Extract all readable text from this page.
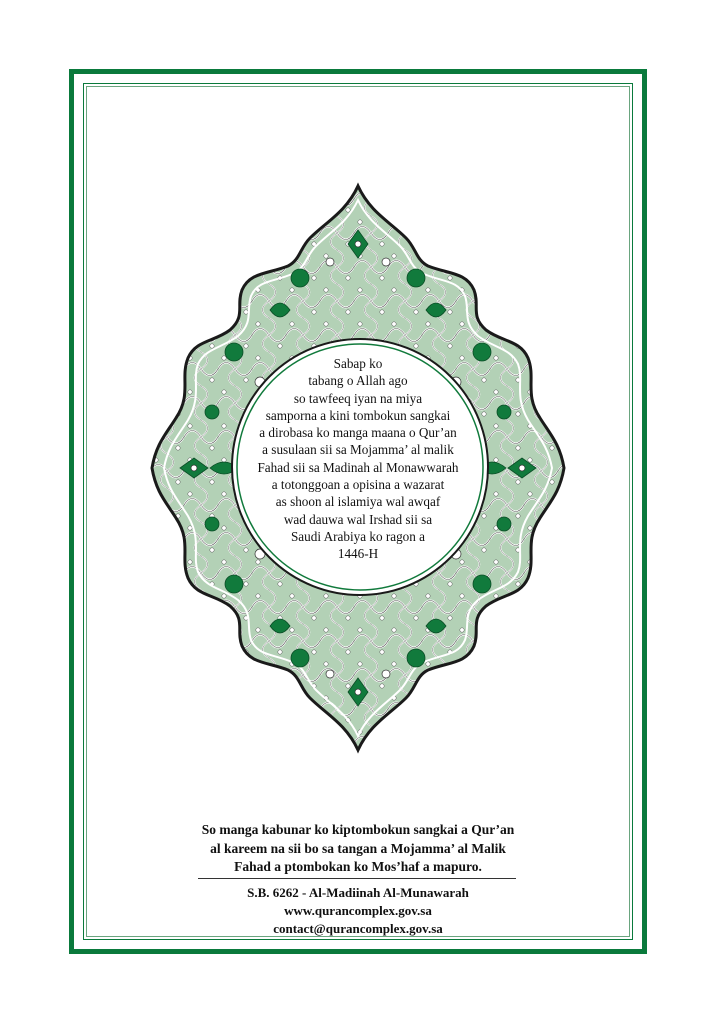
Sabap ko
tabang o Allah ago
so tawfeeq iyan na miya
samporna a kini tombokun sangkai
a dirobasa ko manga maana o Qur’an
a susulaan sii sa Mojamma’ al malik
Fahad sii sa Madinah al Monawwarah
a totonggoan a opisina a wazarat
as shoon al islamiya wal awqaf
wad dauwa wal Irshad sii sa
Saudi Arabiya ko ragon a
1446-H
So manga kabunar ko kiptombokun sangkai a Qur’an
al kareem na sii bo sa tangan a Mojamma’ al Malik
Fahad a ptombokan ko Mos’haf a mapuro.
S.B. 6262 - Al-Madiinah Al-Munawarah
www.qurancomplex.gov.sa
contact@qurancomplex.gov.sa
